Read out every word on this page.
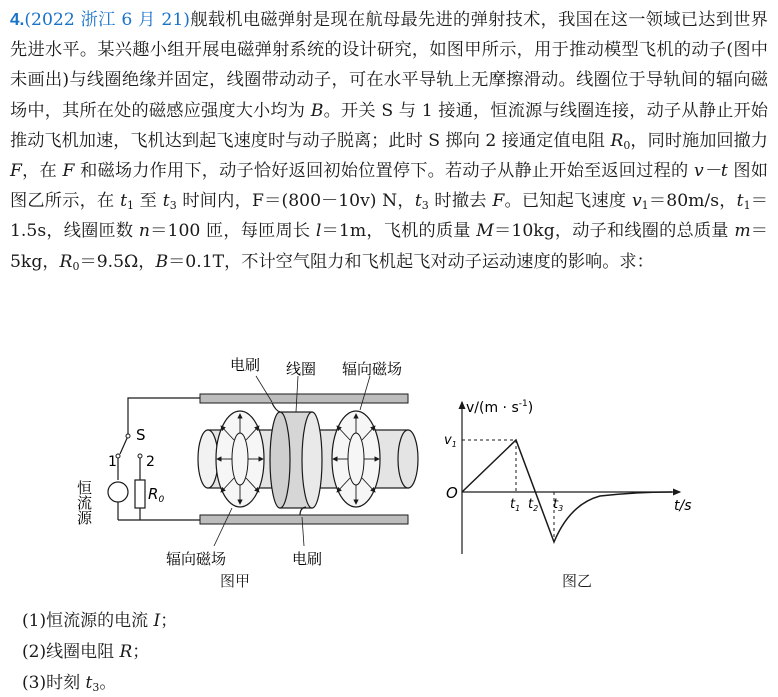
4.(2022 浙江 6 月 21)舰载机电磁弹射是现在航母最先进的弹射技术，我国在这一领域已达到世界先进水平。某兴趣小组开展电磁弹射系统的设计研究，如图甲所示，用于推动模型飞机的动子(图中未画出)与线圈绝缘并固定，线圈带动动子，可在水平导轨上无摩擦滑动。线圈位于导轨间的辐向磁场中，其所在处的磁感应强度大小均为 B。开关 S 与 1 接通，恒流源与线圈连接，动子从静止开始推动飞机加速，飞机达到起飞速度时与动子脱离；此时 S 掷向 2 接通定值电阻 $R_0$，同时施加回撤力 F，在 F 和磁场力作用下，动子恰好返回初始位置停下。若动子从静止开始至返回过程的 v－t 图如图乙所示，在 $t_1$ 至 $t_3$ 时间内，F＝(800－10v) N，$t_3$ 时撤去 F。已知起飞速度 $v_1=80m/s$，$t_1=1.5s$，线圈匝数 n＝100 匝，每匝周长 l＝1m，飞机的质量 M＝10kg，动子和线圈的总质量 m＝5kg，$R_0=9.5\Omega$，B＝0.1T，不计空气阻力和飞机起飞对动子运动速度的影响。求：
电刷 线圈 辐向磁场
S
1 2
$R_0$
恒流源
辐向磁场	电刷
图甲
$v/(m \cdot s^{-1})$
$v_1$
O
$t_1$ $t_2$ $t_3$	t/s
图乙
(1)恒流源的电流 I；
(2)线圈电阻 R；
(3)时刻 $t_3$。
